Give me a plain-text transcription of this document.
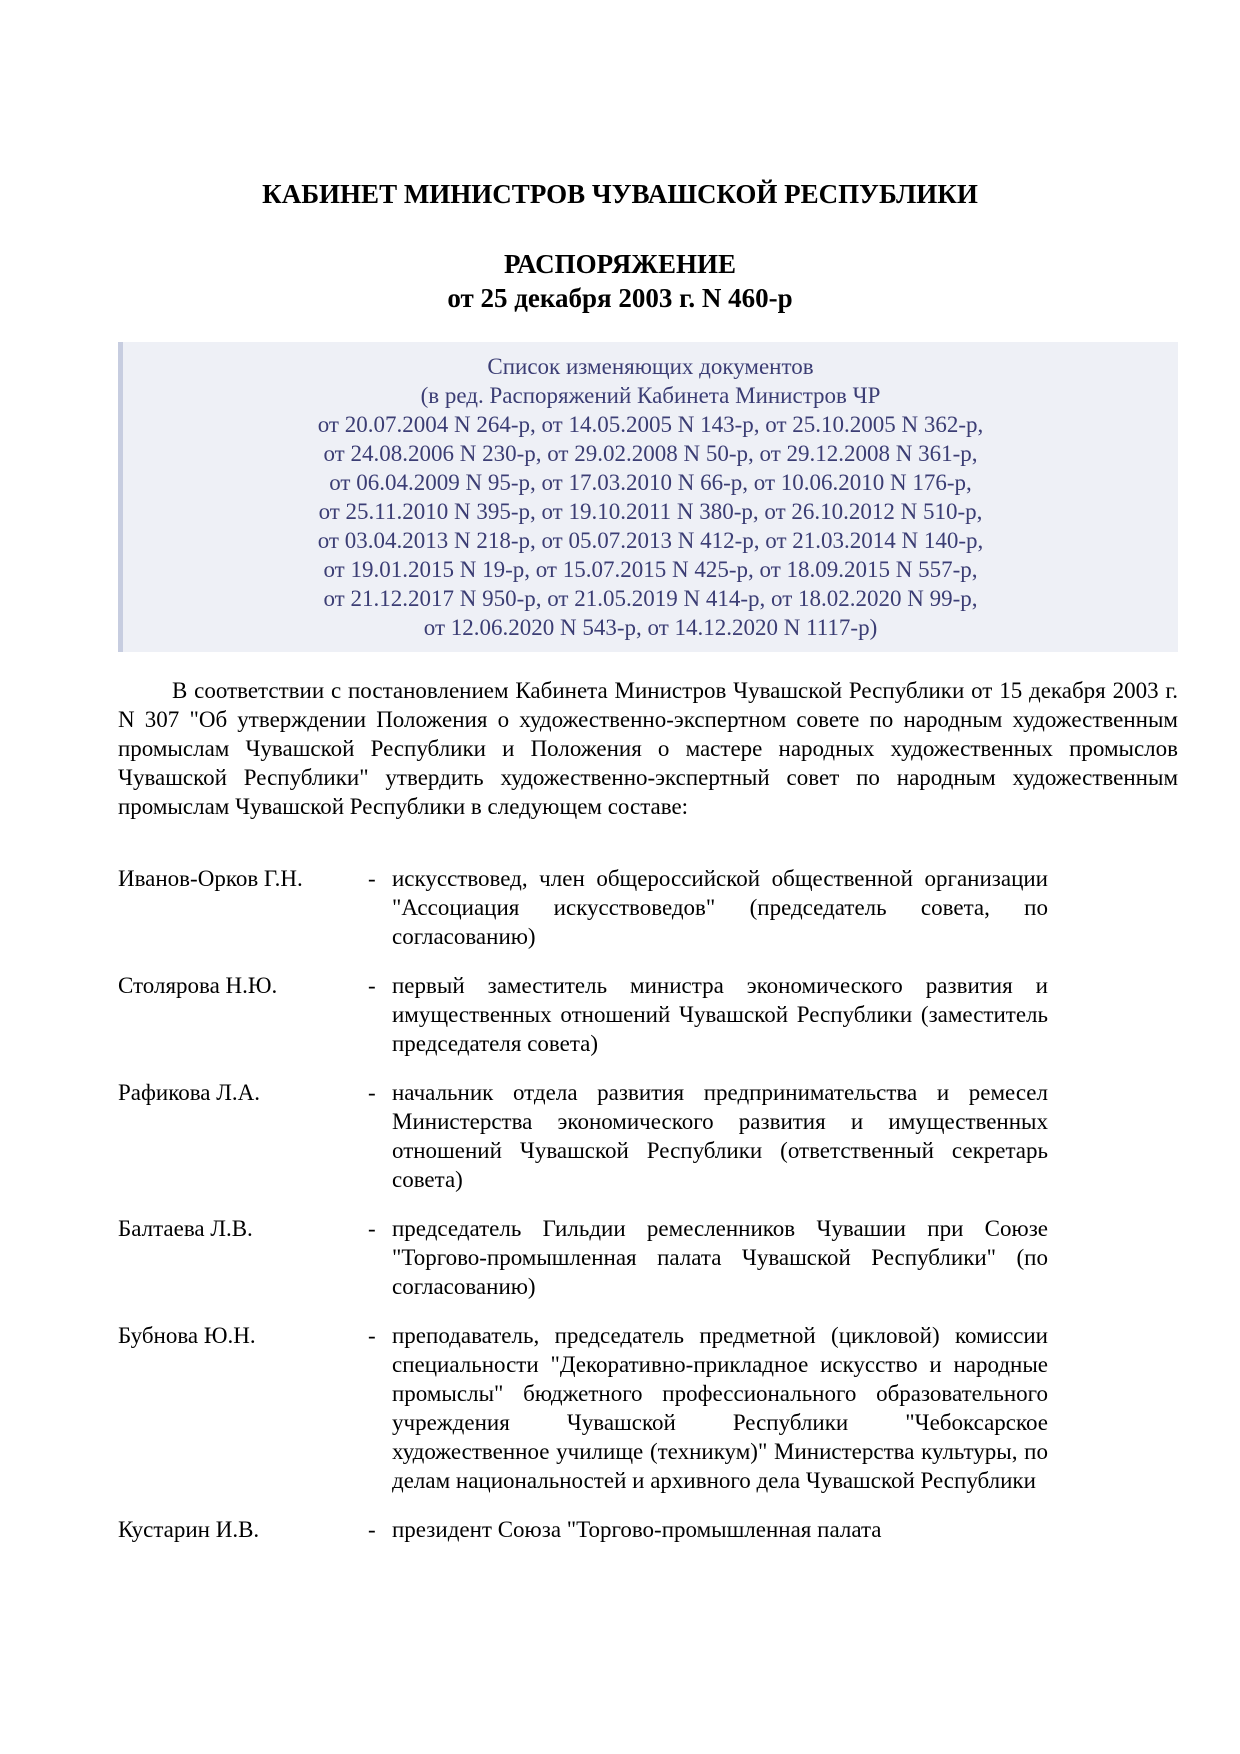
КАБИНЕТ МИНИСТРОВ ЧУВАШСКОЙ РЕСПУБЛИКИ
РАСПОРЯЖЕНИЕ
от 25 декабря 2003 г. N 460-р
Список изменяющих документов
(в ред. Распоряжений Кабинета Министров ЧР
от 20.07.2004 N 264-р, от 14.05.2005 N 143-р, от 25.10.2005 N 362-р,
от 24.08.2006 N 230-р, от 29.02.2008 N 50-р, от 29.12.2008 N 361-р,
от 06.04.2009 N 95-р, от 17.03.2010 N 66-р, от 10.06.2010 N 176-р,
от 25.11.2010 N 395-р, от 19.10.2011 N 380-р, от 26.10.2012 N 510-р,
от 03.04.2013 N 218-р, от 05.07.2013 N 412-р, от 21.03.2014 N 140-р,
от 19.01.2015 N 19-р, от 15.07.2015 N 425-р, от 18.09.2015 N 557-р,
от 21.12.2017 N 950-р, от 21.05.2019 N 414-р, от 18.02.2020 N 99-р,
от 12.06.2020 N 543-р, от 14.12.2020 N 1117-р)

В соответствии с постановлением Кабинета Министров Чувашской Республики от 15 декабря 2003 г. N 307 "Об утверждении Положения о художественно-экспертном совете по народным художественным промыслам Чувашской Республики и Положения о мастере народных художественных промыслов Чувашской Республики" утвердить художественно-экспертный совет по народным художественным промыслам Чувашской Республики в следующем составе:

Иванов-Орков Г.Н.	- искусствовед, член общероссийской общественной организации "Ассоциация искусствоведов" (председатель совета, по согласованию)
Столярова Н.Ю.	- первый заместитель министра экономического развития и имущественных отношений Чувашской Республики (заместитель председателя совета)
Рафикова Л.А.	- начальник отдела развития предпринимательства и ремесел Министерства экономического развития и имущественных отношений Чувашской Республики (ответственный секретарь совета)
Балтаева Л.В.	- председатель Гильдии ремесленников Чувашии при Союзе "Торгово-промышленная палата Чувашской Республики" (по согласованию)
Бубнова Ю.Н.	- преподаватель, председатель предметной (цикловой) комиссии специальности "Декоративно-прикладное искусство и народные промыслы" бюджетного профессионального образовательного учреждения Чувашской Республики "Чебоксарское художественное училище (техникум)" Министерства культуры, по делам национальностей и архивного дела Чувашской Республики
Кустарин И.В.	- президент Союза "Торгово-промышленная палата
